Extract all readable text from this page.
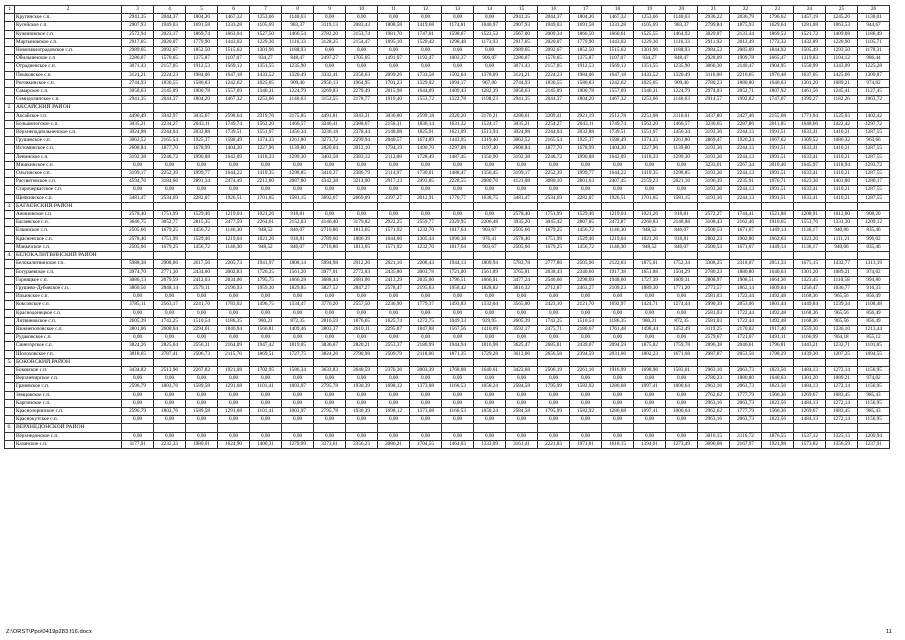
1	2	3	4	5	6	7	8	9	10	11	12	13	14	15	16	17	18	19	20	21	22	23	24	25	26
	Кругинское с.п.	2941,35	2044,37	1804,20	1467,32	1253,66	1140,63	0,00	0,00	0,00	0,00	0,00	0,00	2941,35	2044,37	1804,20	1467,32	1253,66	1140,63	2936,22	2036,79	1796,62	1457,19	1245,20	1130,01
	Кусейское с.п.	2907,93	1949,03	1691,58	1333,28	1105,69	983,37	3119,13	2083,43	1808,58	1419,68	1174,81	1040,97	2907,93	1949,03	1691,58	1333,28	1105,69	983,37	2799,84	1875,93	1629,64	1281,08	1063,53	944,67
	Кужиновское с.п.	2572,94	2023,17	1869,74	1663,04	1527,50	1466,54	2782,20	2153,74	1981,70	1747,01	1598,67	1522,52	2567,00	2009,34	1866,50	1660,61	1525,55	1464,92	3029,07	2133,44	1869,52	1521,72	1409,08	1186,49
	Мартыновское с.п.	2917,05	2020,07	1779,90	1443,02	1229,36	1116,33	3128,25	2154,47	1895,10	1529,42	1298,48	1173,93	2917,05	2020,07	1779,90	1443,02	1229,36	1116,33	2911,92	2012,49	1772,32	1432,89	1220,90	1105,71
	Новопавлоградовское с.п.	2989,65	2092,67	1852,50	1515,62	1301,96	1188,93	0,00	0,00	0,00	0,00	0,00	0,00	2989,65	2092,67	1852,50	1515,62	1301,96	1188,93	2984,52	2085,09	1844,92	1505,49	1293,50	1178,31
	Обильненское с.п	2286,07	1570,65	1375,87	1107,07	934,27	848,47	2497,27	1705,05	1491,07	1193,47	1003,37	906,07	2286,07	1570,65	1375,87	1107,07	934,27	848,47	2928,09	1909,78	1665,47	1319,83	1104,12	986,44
	Отрадненское с.п.	3071,43	2157,05	1912,53	1569,12	1351,55	1235,90	0,00	0,00	0,00	0,00	0,00	0,00	3071,43	2157,05	1912,53	1569,12	1351,55	1235,90	3066,30	2149,47	1904,95	1558,99	1343,09	1225,28
	Пешковское с.п.	3121,21	2224,23	1984,06	1647,18	1433,52	1320,49	3332,41	2358,63	2099,26	1733,58	1502,64	1378,09	3121,21	2224,23	1984,06	1647,18	1433,52	1320,49	3116,08	2216,65	1976,48	1637,05	1425,06	1309,87
	Роговкинское с.п.	2744,93	1830,55	1586,03	1242,62	1025,05	909,40	2956,13	1964,95	1701,23	1329,02	1094,17	967,00	2744,93	1830,55	1586,03	1242,62	1025,05	909,40	2780,23	1880,80	1640,63	1301,20	1089,21	974,02
	Самарское с.п.	3058,63	2145,09	1900,78	1557,69	1340,31	1224,79	3269,83	2279,49	2015,98	1644,09	1409,43	1282,39	3058,63	2145,09	1900,78	1557,69	1340,31	1224,79	2974,03	2052,71	1807,92	1461,56	1245,41	1127,45
	Семидолинское с.п.	2941,35	2044,37	1804,20	1467,32	1253,66	1140,63	3152,55	2178,77	1919,40	1553,72	1322,78	1198,23	2941,35	2044,37	1804,20	1467,32	1253,66	1140,63	2914,57	1992,82	1747,07	1399,27	1182,26	1063,72
2.	АКСАЙСКИЙ РАЙОН																								
	Аксайское г.п.	4490,49	3342,97	3035,67	2598,64	2319,76	2175,85	4491,81	3343,31	3036,00	2599,18	2320,20	2176,21	4280,61	3209,41	2921,19	2512,78	2251,08	2116,61	3437,80	2427,46	2155,68	1771,94	1525,03	1402,42
	Большелогское с.п.	3035,21	2234,27	2043,11	1749,74	1562,20	1466,57	3246,41	2388,67	2158,31	1836,14	1631,32	1524,17	3035,21	2254,27	2043,11	1749,74	1562,20	1466,57	3230,65	2287,86	2011,85	1648,66	1422,42	1297,72
	Верхнеподпольненское с.п.	3024,98	2244,04	2032,88	1739,51	1551,97	1456,34	3236,18	2378,44	2148,08	1825,91	1621,09	1513,94	3024,98	2244,04	2032,88	1739,51	1551,97	1456,34	3193,36	2244,13	1991,51	1633,41	1410,21	1287,55
	Грушевское с.п.	3062,52	2165,54	1925,37	1588,49	1374,33	1261,80	3273,72	2299,94	2040,57	1674,89	1443,95	1319,40	3062,52	2165,54	1925,37	1588,49	1374,33	1261,80	2869,47	1920,24	1667,62	1309,52	1086,32	963,66
	Истоминское с.п.	2608,84	1877,70	1678,99	1404,30	1227,96	1139,80	2820,04	2012,10	1794,19	1490,70	1297,08	1197,40	2608,84	1877,70	1678,99	1404,30	1227,96	1139,80	3193,36	2244,13	1991,51	1633,41	1410,21	1287,55
	Ленинское с.п.	3192,38	2248,72	1996,88	1642,09	1418,33	1299,30	3403,58	2383,12	2112,08	1728,49	1487,45	1356,90	3192,38	2248,72	1996,88	1642,09	1418,33	1299,30	3193,36	2244,13	1991,51	1633,41	1410,21	1287,55
	Мишкинское с.п.	0,00	0,00	0,00	0,00	0,00	0,00	0,00	0,00	0,00	0,00	0,00	0,00	0,00	0,00	0,00	0,00	0,00	0,00	3233,61	2267,34	2010,46	1645,97	1418,94	1293,72
	Ольгинское с.п.	3199,17	2252,39	1999,77	1644,22	1419,35	1298,85	3410,37	2386,79	2114,97	1730,61	1488,47	1356,45	3199,17	2252,39	1999,77	1644,22	1419,35	1298,85	3193,36	2244,13	1991,51	1633,41	1410,21	1287,55
	Рассветовское с.п.	4594,76	3184,66	2891,34	2474,49	2212,80	2087,80	4342,38	3214,00	2917,13	2493,85	2228,55	2080,76	4121,08	3080,10	2801,63	2407,45	2159,23	2021,16	3196,39	2235,91	1976,71	1623,36	1401,86	1280,17
	Старочеркасское с.п.	0,00	0,00	0,00	0,00	0,00	0,00	0,00	0,00	0,00	0,00	0,00	0,00	0,00	0,00	0,00	0,00	0,00	0,00	3193,36	2244,13	1991,51	1633,41	1410,21	1287,55
	Щепкинское с.п.	3481,47	2534,69	2282,07	1926,51	1701,65	1581,15	3692,67	2669,09	2397,27	2012,91	1770,77	1638,75	3481,47	2534,69	2282,07	1926,51	1701,65	1581,15	3193,36	2244,13	1991,51	1633,41	1410,21	1287,55
3.	БАГАЕВСКИЙ РАЙОН																								
	Ажиновское с.п.	2578,40	1751,99	1529,46	1219,04	1021,26	918,81	0,00	0,00	0,00	0,00	0,00	0,00	2578,40	1751,99	1529,46	1219,04	1021,26	918,81	2572,27	1744,41	1521,88	1208,91	1012,80	908,20
	Багаевское с.п.	3646,75	3052,77	2815,35	2477,59	2264,61	2152,03	4146,40	3179,82	2922,25	2559,77	2329,95	2206,48	3935,20	3045,42	2807,05	2472,87	2260,83	2148,88	3108,43	2162,46	1910,65	1553,76	1331,30	1209,12
	Ёлкинское с.п.	2505,66	1679,25	1456,72	1146,30	948,52	846,07	2716,86	1813,65	1571,92	1232,70	1017,64	903,67	2505,66	1679,25	1456,72	1146,30	948,52	846,07	2500,53	1671,67	1449,14	1136,17	940,06	835,46
	Красненское с.п.	2578,40	1751,99	1529,46	1219,04	1021,26	918,81	2789,60	1886,39	1644,66	1305,44	1090,38	976,41	2578,40	1751,99	1529,46	1219,04	1021,26	918,81	2802,23	1902,80	1662,63	1323,20	1111,21	996,02
	Манычское с.п.	2505,66	1679,25	1456,72	1146,30	948,52	846,07	2716,86	1813,65	1571,92	1232,70	1017,64	903,67	2505,66	1679,25	1456,72	1146,30	948,52	846,07	2500,53	1671,67	1449,14	1136,17	940,06	835,46
4.	БЕЛОКАЛИТВИНСКИЙ РАЙОН																								
	Белокалитвинское г.п.	5988,38	2908,06	2617,56	2205,73	1941,97	1808,14	5994,98	2912,26	2621,16	2208,43	1944,13	1809,94	5783,78	2777,86	2505,96	2122,03	1875,01	1752,34	3308,25	2318,07	2051,33	1675,15	1432,77	1313,19
	Богураевское с.п.	3974,70	2771,36	2434,60	2002,83	1720,25	1561,26	3977,01	2772,83	2435,86	2003,78	1721,00	1561,89	3765,81	2638,43	2340,66	1917,38	1651,88	1504,29	2780,23	1880,80	1640,63	1301,20	1089,21	974,02
	Горняцкое с.п.	3086,13	2679,59	2412,03	2034,06	1795,75	1666,28	3688,44	2681,06	2413,29	2035,00	1796,51	1666,91	3477,24	2546,66	2298,09	1948,60	1727,39	1609,31	2808,97	1908,51	1664,36	1323,45	1110,58	994,80
	Грушево-Дубовское с.п.	3860,56	2848,14	2579,11	2196,93	1959,30	1829,85	3827,52	2847,27	2578,47	2195,63	1958,42	1828,82	3616,32	2712,87	2463,27	2109,23	1889,30	1771,20	2773,57	1862,14	1609,04	1256,47	1036,77	916,33
	Ильинское с.п.	0,00	0,00	0,00	0,00	0,00	0,00	0,00	0,00	0,00	0,00	0,00	0,00	0,00	0,00	0,00	0,00	0,00	0,00	2581,03	1722,44	1492,48	1168,36	965,56	856,49
	Коксовское с.п.	3785,11	2563,17	2241,76	1783,02	1496,75	1334,47	3776,20	2557,50	2236,90	1779,37	1493,83	1332,04	3565,00	2423,10	2121,70	1692,97	1424,71	1274,44	2990,39	2053,06	1803,44	1449,84	1239,34	1108,48
	Краснодонецкое с.п.	0,00	0,00	0,00	0,00	0,00	0,00	0,00	0,00	0,00	0,00	0,00	0,00	0,00	0,00	0,00	0,00	0,00	0,00	2581,03	1722,44	1492,48	1168,36	965,56	856,49
	Литвиновское с.п.	2605,39	1742,25	1510,54	1186,35	980,21	872,35	2816,59	1876,65	1625,74	1272,75	1049,33	929,95	2605,39	1742,25	1510,54	1186,35	980,21	872,35	2581,03	1722,44	1492,48	1168,36	965,56	856,49
	Нижнепоповское с.п.	3801,06	2608,04	2294,61	1846,94	1566,81	1409,46	3803,37	2610,11	2295,87	1847,88	1567,56	1410,09	3592,17	2475,71	2180,67	1761,48	1498,44	1352,49	3119,25	2170,02	1917,40	1559,30	1336,10	1213,44
	Рудаковское с.п.	0,00	0,00	0,00	0,00	0,00	0,00	0,00	0,00	0,00	0,00	0,00	0,00	0,00	0,00	0,00	0,00	0,00	0,00	2579,67	1721,07	1491,11	1166,99	964,18	855,12
	Синегорское с.п.	3824,26	2825,04	2556,31	2164,09	1947,42	1819,05	3836,67	2820,21	2553,37	2180,99	1944,94	1816,98	3625,47	2685,81	2439,07	2094,59	1875,82	1759,78	2896,38	2046,61	1796,81	1443,21	1232,71	1101,85
	Шолоховское г.п.	3818,65	2787,41	2506,73	2115,76	1869,51	1727,75	3824,26	2790,98	2509,79	2118,06	1871,35	1729,28	3613,06	2656,58	2394,59	2031,66	1802,23	1671,68	2987,87	2053,56	1798,29	1439,30	1207,25	1094,55
5.	БОКОВСКИЙ РАЙОН																								
	Боковское с.п.	3434,82	2513,96	2267,82	1921,08	1702,95	1586,34	3633,83	2640,59	2376,36	2003,39	1768,08	1640,61	3423,68	2506,19	2261,16	1916,99	1698,96	1583,01	2963,16	2063,73	1823,56	1484,13	1272,14	1156,95
	Верхнечирское с.п.	0,00	0,00	0,00	0,00	0,00	0,00	0,00	0,00	0,00	0,00	0,00	0,00	0,00	0,00	0,00	0,00	0,00	0,00	2780,23	1880,80	1640,63	1301,20	1089,21	974,02
	Грачевское с.п.	2596,79	1803,76	1589,58	1291,68	1101,41	1003,97	2795,78	1930,39	1698,12	1373,08	1166,53	1058,24	2584,58	1795,99	1582,92	1286,68	1097,41	1000,64	2963,16	2063,73	1823,56	1484,13	1272,14	1156,95
	Земцовское с.п.	0,00	0,00	0,00	0,00	0,00	0,00	0,00	0,00	0,00	0,00	0,00	0,00	0,00	0,00	0,00	0,00	0,00	0,00	2762,62	1777,79	1566,36	1269,67	1083,45	985,43
	Каргинское с.п.	0,00	0,00	0,00	0,00	0,00	0,00	0,00	0,00	0,00	0,00	0,00	0,00	0,00	0,00	0,00	0,00	0,00	0,00	2963,16	2063,73	1823,56	1484,13	1272,14	1156,95
	Краснозоринское с.п.	2596,79	1803,76	1589,58	1291,68	1101,41	1003,97	2795,78	1930,39	1698,12	1373,08	1166,53	1058,24	2584,58	1795,99	1582,92	1286,68	1097,41	1000,64	2962,62	1777,79	1566,36	1269,67	1083,45	985,43
	Краснокутское с.п.	0,00	0,00	0,00	0,00	0,00	0,00	0,00	0,00	0,00	0,00	0,00	0,00	0,00	0,00	0,00	0,00	0,00	0,00	2963,16	2063,73	1823,56	1484,13	1272,14	1156,95
6.	ВЕРХНЕДОНСКОЙ РАЙОН																								
	Верхнедонское с.п.	0,00	0,00	0,00	0,00	0,00	0,00	0,00	0,00	0,00	0,00	0,00	0,00	0,00	0,00	0,00	0,00	0,00	0,00	3016,15	2116,72	1876,55	1537,12	1325,13	1209,94
	Казанское с.п.	3177,91	2232,33	1980,01	1624,90	1400,31	1279,99	3373,61	2356,23	2086,21	1704,55	1464,03	1333,09	3161,41	2221,83	1971,01	1618,15	1394,91	1273,49	3090,68	2167,97	1921,98	1573,82	1356,59	1237,91
Z:\ORST\Ppo\0419p283.f16.docx	11
